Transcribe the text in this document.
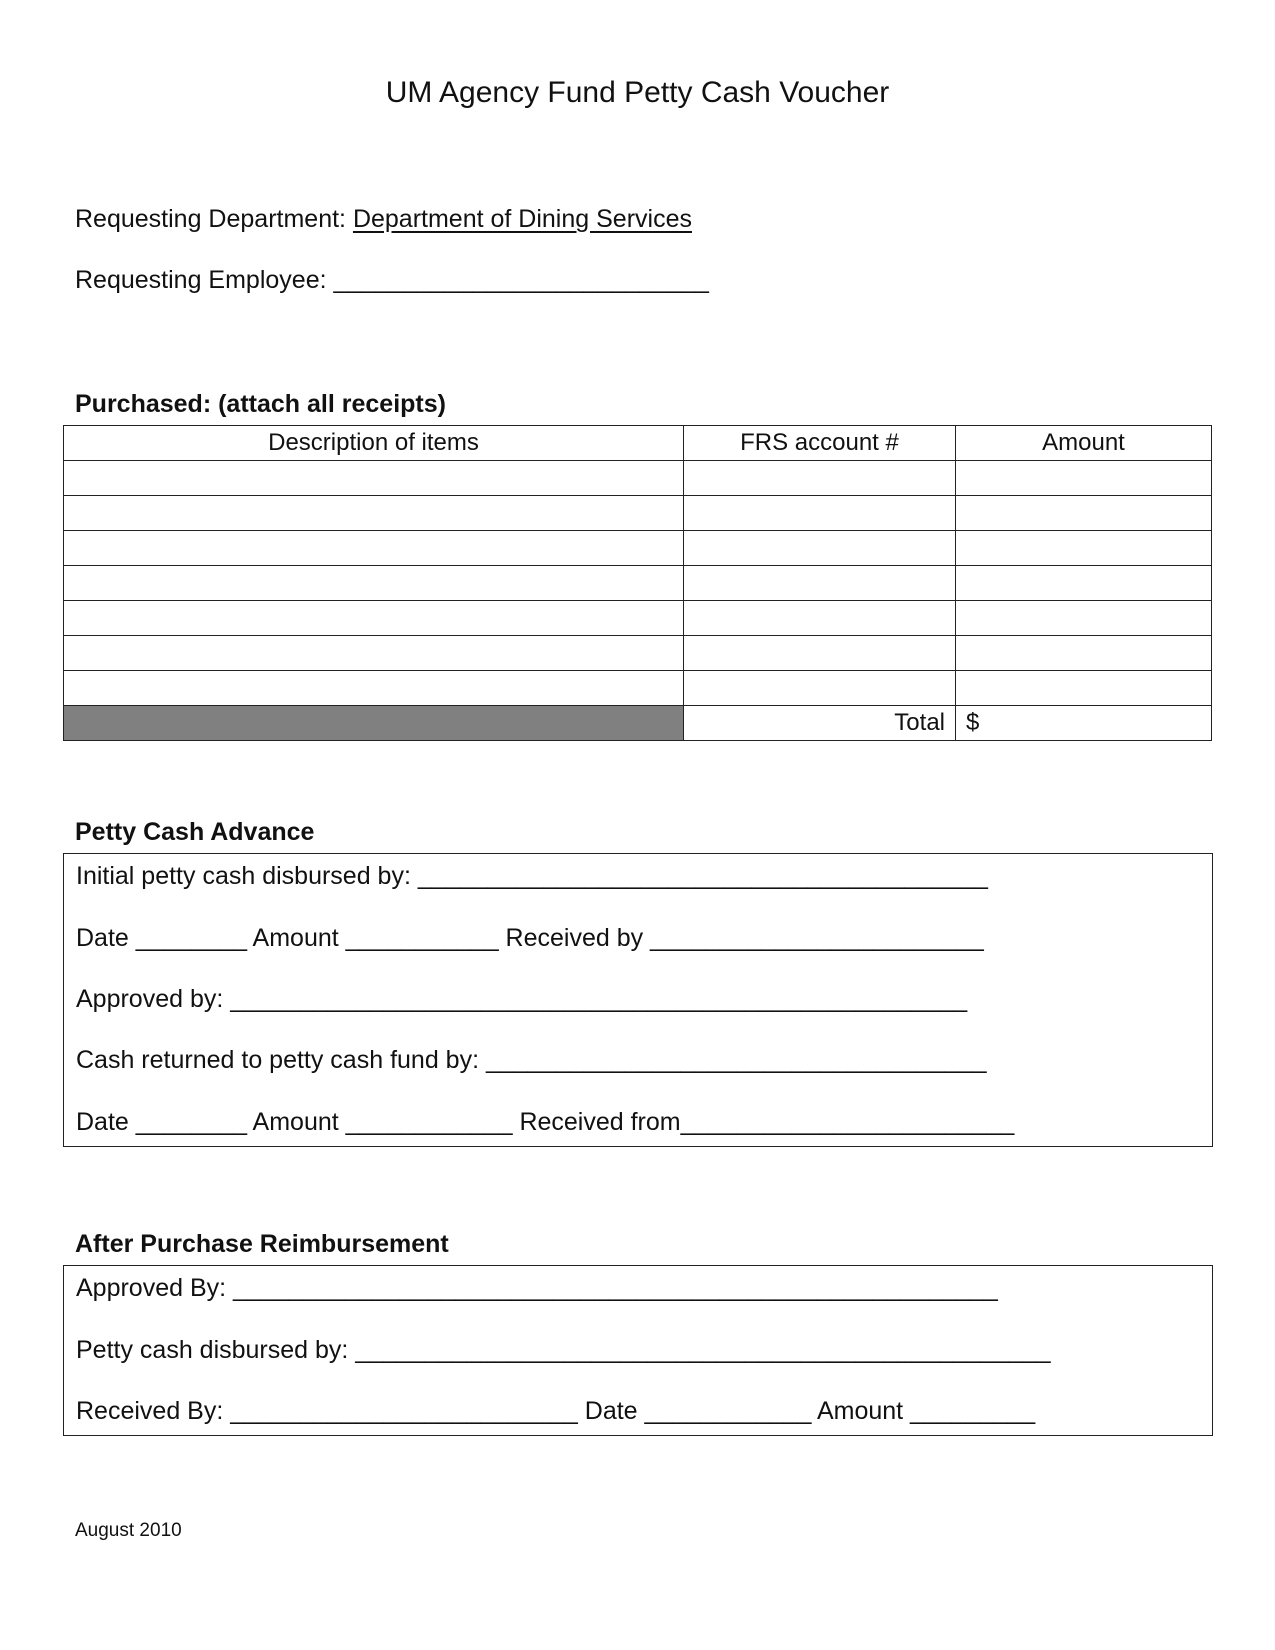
UM Agency Fund Petty Cash Voucher
Requesting Department: Department of Dining Services
Requesting Employee: ___________________________
Purchased: (attach all receipts)
Description of items	FRS account #	Amount

	Total	$
Petty Cash Advance
Initial petty cash disbursed by: _________________________________________
Date ________ Amount ___________ Received by ________________________
Approved by: _____________________________________________________
Cash returned to petty cash fund by: ____________________________________
Date ________ Amount ____________ Received from________________________
After Purchase Reimbursement
Approved By: _______________________________________________________
Petty cash disbursed by: __________________________________________________
Received By: _________________________ Date ____________ Amount _________
August 2010
